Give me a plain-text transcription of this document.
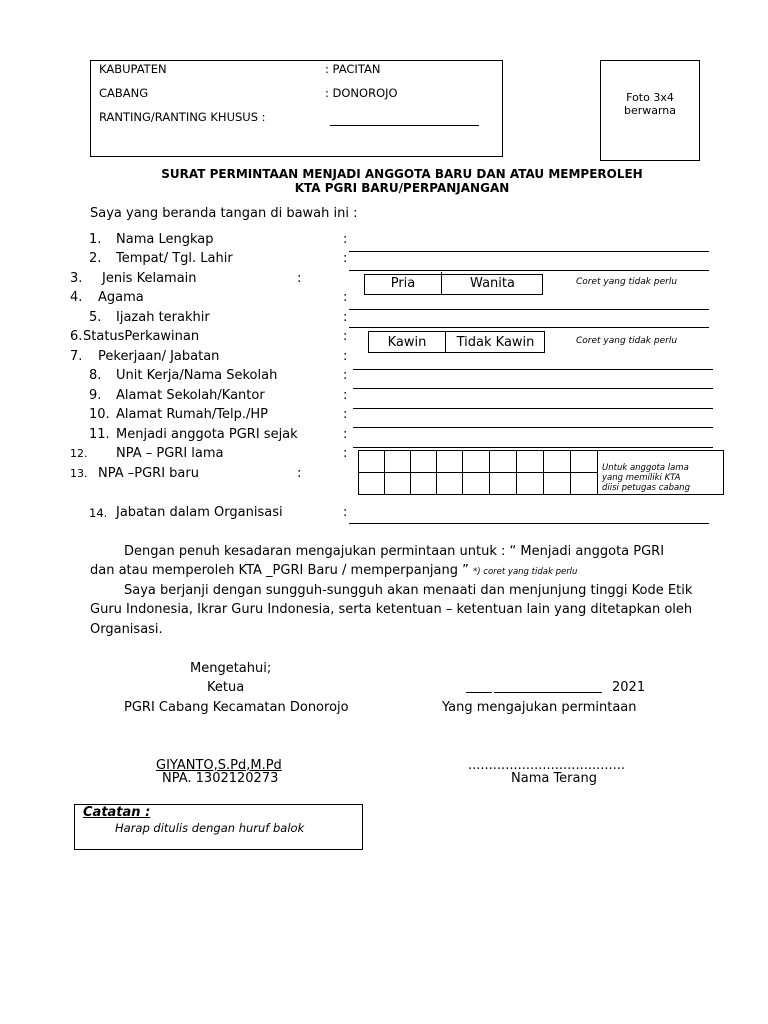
KABUPATEN	: PACITAN
CABANG	: DONOROJO
RANTING/RANTING KHUSUS :
Foto 3x4
berwarna
SURAT PERMINTAAN MENJADI ANGGOTA BARU DAN ATAU MEMPEROLEH
KTA PGRI BARU/PERPANJANGAN
Saya yang beranda tangan di bawah ini :
1. Nama Lengkap	:
2. Tempat/ Tgl. Lahir	:
3. Jenis Kelamain	:	Pria	Wanita	Coret yang tidak perlu
4. Agama	:
5. Ijazah terakhir	:
6. StatusPerkawinan	:	Kawin	Tidak Kawin	Coret yang tidak perlu
7. Pekerjaan/ Jabatan	:
8. Unit Kerja/Nama Sekolah	:
9. Alamat Sekolah/Kantor	:
10. Alamat Rumah/Telp./HP	:
11. Menjadi anggota PGRI sejak	:
12. NPA – PGRI lama	:
13. NPA –PGRI baru	:	Untuk anggota lama
yang memiliki KTA
diisi petugas cabang
14. Jabatan dalam Organisasi	:
Dengan penuh kesadaran mengajukan permintaan untuk : “ Menjadi anggota PGRI
dan atau memperoleh KTA _PGRI Baru / memperpanjang ” *) coret yang tidak perlu
Saya berjanji dengan sungguh-sungguh akan menaati dan menjunjung tinggi Kode Etik
Guru Indonesia, Ikrar Guru Indonesia, serta ketentuan – ketentuan lain yang ditetapkan oleh
Organisasi.
Mengetahui;
Ketua
PGRI Cabang Kecamatan Donorojo
2021
Yang mengajukan permintaan
GIYANTO,S.Pd,M.Pd
NPA. 1302120273
......................................
Nama Terang
Catatan :
Harap ditulis dengan huruf balok
